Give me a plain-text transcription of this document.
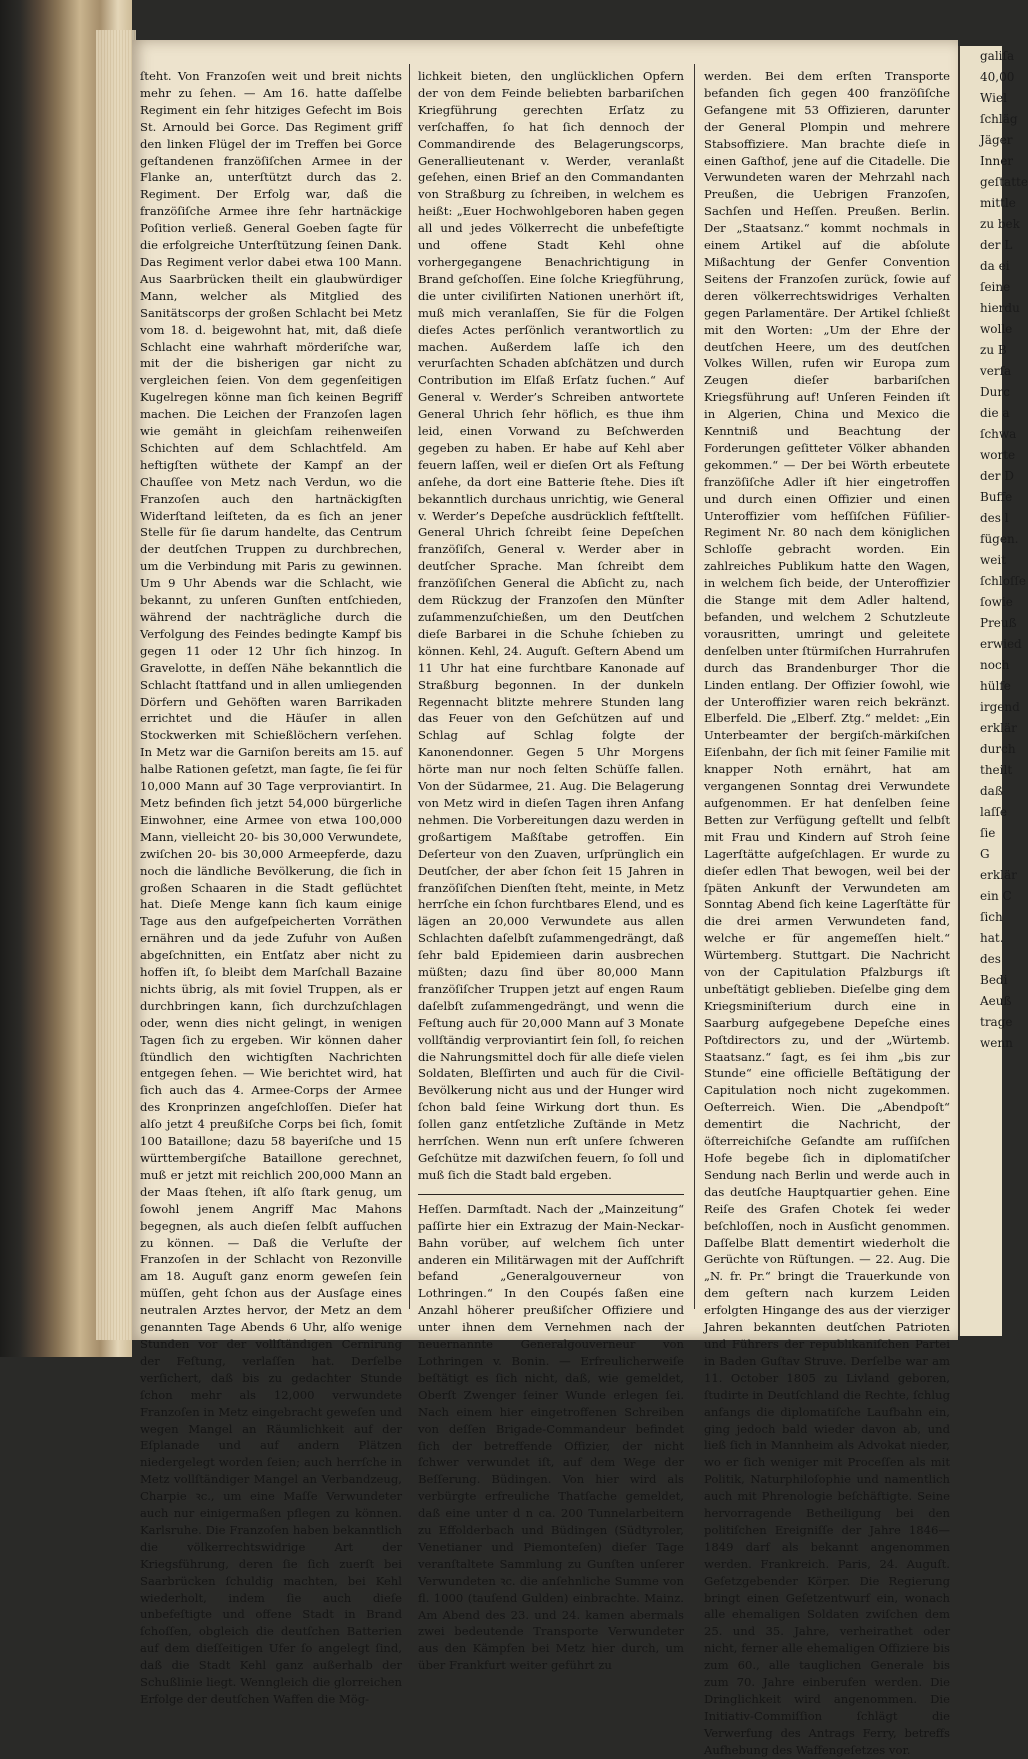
ſteht. Von Franzoſen weit und breit nichts mehr zu ſehen. — Am 16. hatte daſſelbe Regiment ein ſehr hitziges Gefecht im Bois St. Arnould bei Gorce. Das Regiment griff den linken Flügel der im Treffen bei Gorce geſtandenen franzöſiſchen Armee in der Flanke an, unterſtützt durch das 2. Regiment. Der Erfolg war, daß die franzöſiſche Armee ihre ſehr hartnäckige Poſition verließ. General Goeben ſagte für die erfolgreiche Unterſtützung ſeinen Dank. Das Regiment verlor dabei etwa 100 Mann. Aus Saarbrücken theilt ein glaubwürdiger Mann, welcher als Mitglied des Sanitätscorps der großen Schlacht bei Metz vom 18. d. beigewohnt hat, mit, daß dieſe Schlacht eine wahrhaft mörderiſche war, mit der die bisherigen gar nicht zu vergleichen ſeien. Von dem gegenſeitigen Kugelregen könne man ſich keinen Begriff machen. Die Leichen der Franzoſen lagen wie gemäht in gleichſam reihenweiſen Schichten auf dem Schlachtfeld. Am heftigſten wüthete der Kampf an der Chauſſee von Metz nach Verdun, wo die Franzoſen auch den hartnäckigſten Widerſtand leiſteten, da es ſich an jener Stelle für ſie darum handelte, das Centrum der deutſchen Truppen zu durchbrechen, um die Verbindung mit Paris zu gewinnen. Um 9 Uhr Abends war die Schlacht, wie bekannt, zu unſeren Gunſten entſchieden, während der nachträgliche durch die Verfolgung des Feindes bedingte Kampf bis gegen 11 oder 12 Uhr ſich hinzog. In Gravelotte, in deſſen Nähe bekanntlich die Schlacht ſtattfand und in allen umliegenden Dörfern und Gehöften waren Barrikaden errichtet und die Häuſer in allen Stockwerken mit Schießlöchern verſehen. In Metz war die Garniſon bereits am 15. auf halbe Rationen geſetzt, man ſagte, ſie ſei für 10,000 Mann auf 30 Tage verproviantirt. In Metz befinden ſich jetzt 54,000 bürgerliche Einwohner, eine Armee von etwa 100,000 Mann, vielleicht 20- bis 30,000 Verwundete, zwiſchen 20- bis 30,000 Armeepferde, dazu noch die ländliche Bevölkerung, die ſich in großen Schaaren in die Stadt geflüchtet hat. Dieſe Menge kann ſich kaum einige Tage aus den aufgeſpeicherten Vorräthen ernähren und da jede Zufuhr von Außen abgeſchnitten, ein Entſatz aber nicht zu hoffen iſt, ſo bleibt dem Marſchall Bazaine nichts übrig, als mit ſoviel Truppen, als er durchbringen kann, ſich durchzuſchlagen oder, wenn dies nicht gelingt, in wenigen Tagen ſich zu ergeben. Wir können daher ſtündlich den wichtigſten Nachrichten entgegen ſehen. — Wie berichtet wird, hat ſich auch das 4. Armee-Corps der Armee des Kronprinzen angeſchloſſen. Dieſer hat alſo jetzt 4 preußiſche Corps bei ſich, ſomit 100 Bataillone; dazu 58 bayeriſche und 15 württembergiſche Bataillone gerechnet, muß er jetzt mit reichlich 200,000 Mann an der Maas ſtehen, iſt alſo ſtark genug, um ſowohl jenem Angriff Mac Mahons begegnen, als auch dieſen ſelbſt aufſuchen zu können. — Daß die Verluſte der Franzoſen in der Schlacht von Rezonville am 18. Auguſt ganz enorm geweſen ſein müſſen, geht ſchon aus der Ausſage eines neutralen Arztes hervor, der Metz an dem genannten Tage Abends 6 Uhr, alſo wenige Stunden vor der vollſtändigen Cernirung der Feſtung, verlaſſen hat. Derſelbe verſichert, daß bis zu gedachter Stunde ſchon mehr als 12,000 verwundete Franzoſen in Metz eingebracht geweſen und wegen Mangel an Räumlichkeit auf der Eſplanade und auf andern Plätzen niedergelegt worden ſeien; auch herrſche in Metz vollſtändiger Mangel an Verbandzeug, Charpie ꝛc., um eine Maſſe Verwundeter auch nur einigermaßen pflegen zu können. Karlsruhe. Die Franzoſen haben bekanntlich die völkerrechtswidrige Art der Kriegsführung, deren ſie ſich zuerſt bei Saarbrücken ſchuldig machten, bei Kehl wiederholt, indem ſie auch dieſe unbefeſtigte und offene Stadt in Brand ſchoſſen, obgleich die deutſchen Batterien auf dem dieſſeitigen Ufer ſo angelegt ſind, daß die Stadt Kehl ganz außerhalb der Schußlinie liegt. Wenngleich die glorreichen Erfolge der deutſchen Waffen die Mög-

lichkeit bieten, den unglücklichen Opfern der von dem Feinde beliebten barbariſchen Kriegführung gerechten Erſatz zu verſchaffen, ſo hat ſich dennoch der Commandirende des Belagerungscorps, Generallieutenant v. Werder, veranlaßt geſehen, einen Brief an den Commandanten von Straßburg zu ſchreiben, in welchem es heißt: „Euer Hochwohlgeboren haben gegen all und jedes Völkerrecht die unbefeſtigte und offene Stadt Kehl ohne vorhergegangene Benachrichtigung in Brand geſchoſſen. Eine ſolche Kriegführung, die unter civiliſirten Nationen unerhört iſt, muß mich veranlaſſen, Sie für die Folgen dieſes Actes perſönlich verantwortlich zu machen. Außerdem laſſe ich den verurſachten Schaden abſchätzen und durch Contribution im Elſaß Erſatz ſuchen.“ Auf General v. Werder’s Schreiben antwortete General Uhrich ſehr höflich, es thue ihm leid, einen Vorwand zu Beſchwerden gegeben zu haben. Er habe auf Kehl aber feuern laſſen, weil er dieſen Ort als Feſtung anſehe, da dort eine Batterie ſtehe. Dies iſt bekanntlich durchaus unrichtig, wie General v. Werder’s Depeſche ausdrücklich feſtſtellt. General Uhrich ſchreibt ſeine Depeſchen franzöſiſch, General v. Werder aber in deutſcher Sprache. Man ſchreibt dem franzöſiſchen General die Abſicht zu, nach dem Rückzug der Franzoſen den Münſter zuſammenzuſchießen, um den Deutſchen dieſe Barbarei in die Schuhe ſchieben zu können. Kehl, 24. Auguſt. Geſtern Abend um 11 Uhr hat eine furchtbare Kanonade auf Straßburg begonnen. In der dunkeln Regennacht blitzte mehrere Stunden lang das Feuer von den Geſchützen auf und Schlag auf Schlag folgte der Kanonendonner. Gegen 5 Uhr Morgens hörte man nur noch ſelten Schüſſe fallen. Von der Südarmee, 21. Aug. Die Belagerung von Metz wird in dieſen Tagen ihren Anfang nehmen. Die Vorbereitungen dazu werden in großartigem Maßſtabe getroffen. Ein Deſerteur von den Zuaven, urſprünglich ein Deutſcher, der aber ſchon ſeit 15 Jahren in franzöſiſchen Dienſten ſteht, meinte, in Metz herrſche ein ſchon furchtbares Elend, und es lägen an 20,000 Verwundete aus allen Schlachten daſelbſt zuſammengedrängt, daß ſehr bald Epidemieen darin ausbrechen müßten; dazu ſind über 80,000 Mann franzöſiſcher Truppen jetzt auf engen Raum daſelbſt zuſammengedrängt, und wenn die Feſtung auch für 20,000 Mann auf 3 Monate vollſtändig verproviantirt ſein ſoll, ſo reichen die Nahrungsmittel doch für alle dieſe vielen Soldaten, Bleſſirten und auch für die Civil-Bevölkerung nicht aus und der Hunger wird ſchon bald ſeine Wirkung dort thun. Es ſollen ganz entſetzliche Zuſtände in Metz herrſchen. Wenn nun erſt unſere ſchweren Geſchütze mit dazwiſchen feuern, ſo ſoll und muß ſich die Stadt bald ergeben.

Heſſen. Darmſtadt. Nach der „Mainzeitung“ paſſirte hier ein Extrazug der Main-Neckar-Bahn vorüber, auf welchem ſich unter anderen ein Militärwagen mit der Aufſchrift befand „Generalgouverneur von Lothringen.“ In den Coupés ſaßen eine Anzahl höherer preußiſcher Offiziere und unter ihnen dem Vernehmen nach der neuernannte Generalgouverneur von Lothringen v. Bonin. — Erfreulicherweiſe beſtätigt es ſich nicht, daß, wie gemeldet, Oberſt Zwenger ſeiner Wunde erlegen ſei. Nach einem hier eingetroffenen Schreiben von deſſen Brigade-Commandeur befindet ſich der betreffende Offizier, der nicht ſchwer verwundet iſt, auf dem Wege der Beſſerung. Büdingen. Von hier wird als verbürgte erfreuliche Thatſache gemeldet, daß eine unter d n ca. 200 Tunnelarbeitern zu Effolderbach und Büdingen (Südtyroler, Venetianer und Piemonteſen) dieſer Tage veranſtaltete Sammlung zu Gunſten unſerer Verwundeten ꝛc. die anſehnliche Summe von fl. 1000 (tauſend Gulden) einbrachte. Mainz. Am Abend des 23. und 24. kamen abermals zwei bedeutende Transporte Verwundeter aus den Kämpfen bei Metz hier durch, um über Frankfurt weiter geführt zu

werden. Bei dem erſten Transporte befanden ſich gegen 400 franzöſiſche Gefangene mit 53 Offizieren, darunter der General Plompin und mehrere Stabsoffiziere. Man brachte dieſe in einen Gaſthof, jene auf die Citadelle. Die Verwundeten waren der Mehrzahl nach Preußen, die Uebrigen Franzoſen, Sachſen und Heſſen. Preußen. Berlin. Der „Staatsanz.“ kommt nochmals in einem Artikel auf die abſolute Mißachtung der Genfer Convention Seitens der Franzoſen zurück, ſowie auf deren völkerrechtswidriges Verhalten gegen Parlamentäre. Der Artikel ſchließt mit den Worten: „Um der Ehre der deutſchen Heere, um des deutſchen Volkes Willen, rufen wir Europa zum Zeugen dieſer barbariſchen Kriegsführung auf! Unſeren Feinden iſt in Algerien, China und Mexico die Kenntniß und Beachtung der Forderungen geſitteter Völker abhanden gekommen.“ — Der bei Wörth erbeutete franzöſiſche Adler iſt hier eingetroffen und durch einen Offizier und einen Unteroffizier vom heſſiſchen Füſilier-Regiment Nr. 80 nach dem königlichen Schloſſe gebracht worden. Ein zahlreiches Publikum hatte den Wagen, in welchem ſich beide, der Unteroffizier die Stange mit dem Adler haltend, befanden, und welchem 2 Schutzleute vorausritten, umringt und geleitete denſelben unter ſtürmiſchen Hurrahrufen durch das Brandenburger Thor die Linden entlang. Der Offizier ſowohl, wie der Unteroffizier waren reich bekränzt. Elberfeld. Die „Elberf. Ztg.“ meldet: „Ein Unterbeamter der bergiſch-märkiſchen Eiſenbahn, der ſich mit ſeiner Familie mit knapper Noth ernährt, hat am vergangenen Sonntag drei Verwundete aufgenommen. Er hat denſelben ſeine Betten zur Verfügung geſtellt und ſelbſt mit Frau und Kindern auf Stroh ſeine Lagerſtätte aufgeſchlagen. Er wurde zu dieſer edlen That bewogen, weil bei der ſpäten Ankunft der Verwundeten am Sonntag Abend ſich keine Lagerſtätte für die drei armen Verwundeten fand, welche er für angemeſſen hielt.“ Würtemberg. Stuttgart. Die Nachricht von der Capitulation Pfalzburgs iſt unbeſtätigt geblieben. Dieſelbe ging dem Kriegsminiſterium durch eine in Saarburg aufgegebene Depeſche eines Poſtdirectors zu, und der „Würtemb. Staatsanz.“ ſagt, es ſei ihm „bis zur Stunde“ eine officielle Beſtätigung der Capitulation noch nicht zugekommen. Oeſterreich. Wien. Die „Abendpoſt“ dementirt die Nachricht, der öſterreichiſche Geſandte am ruſſiſchen Hofe begebe ſich in diplomatiſcher Sendung nach Berlin und werde auch in das deutſche Hauptquartier gehen. Eine Reiſe des Grafen Chotek ſei weder beſchloſſen, noch in Ausſicht genommen. Daſſelbe Blatt dementirt wiederholt die Gerüchte von Rüſtungen. — 22. Aug. Die „N. fr. Pr.“ bringt die Trauerkunde von dem geſtern nach kurzem Leiden erfolgten Hingange des aus der vierziger Jahren bekannten deutſchen Patrioten und Führers der republikaniſchen Partei in Baden Guſtav Struve. Derſelbe war am 11. October 1805 zu Livland geboren, ſtudirte in Deutſchland die Rechte, ſchlug anfangs die diplomatiſche Laufbahn ein, ging jedoch bald wieder davon ab, und ließ ſich in Mannheim als Advokat nieder, wo er ſich weniger mit Proceſſen als mit Politik, Naturphiloſophie und namentlich auch mit Phrenologie beſchäftigte. Seine hervorragende Betheiligung bei den politiſchen Ereigniſſe der Jahre 1846—1849 darf als bekannt angenommen werden. Frankreich. Paris, 24. Auguſt. Geſetzgebender Körper. Die Regierung bringt einen Geſetzentwurf ein, wonach alle ehemaligen Soldaten zwiſchen dem 25. und 35. Jahre, verheirathet oder nicht, ferner alle ehemaligen Offiziere bis zum 60., alle tauglichen Generale bis zum 70. Jahre einberufen werden. Die Dringlichkeit wird angenommen. Die Initiativ-Commiſſion ſchlägt die Verwerfung des Antrags Ferry, betreffs Aufhebung des Waffengeſetzes vor.

galiſa
40,00
Wiel
ſchläg
Jäger
Inner
geſtatte
mittle
zu bek
der L
da ei
ſeine
hierdu
wolle
zu B
verſa
Durc
die a
ſchwa
worte
der D
Buffe
des l
fügen.
weit
ſchloſſe
ſowie
Preuß
erwied
noch
hülfe
irgend
erklär
durch
theilt
daß
laſſe
ſie
G
erklär
ein C
ſich
hat.
des
Bedi
Aeuß
trage
wenn
